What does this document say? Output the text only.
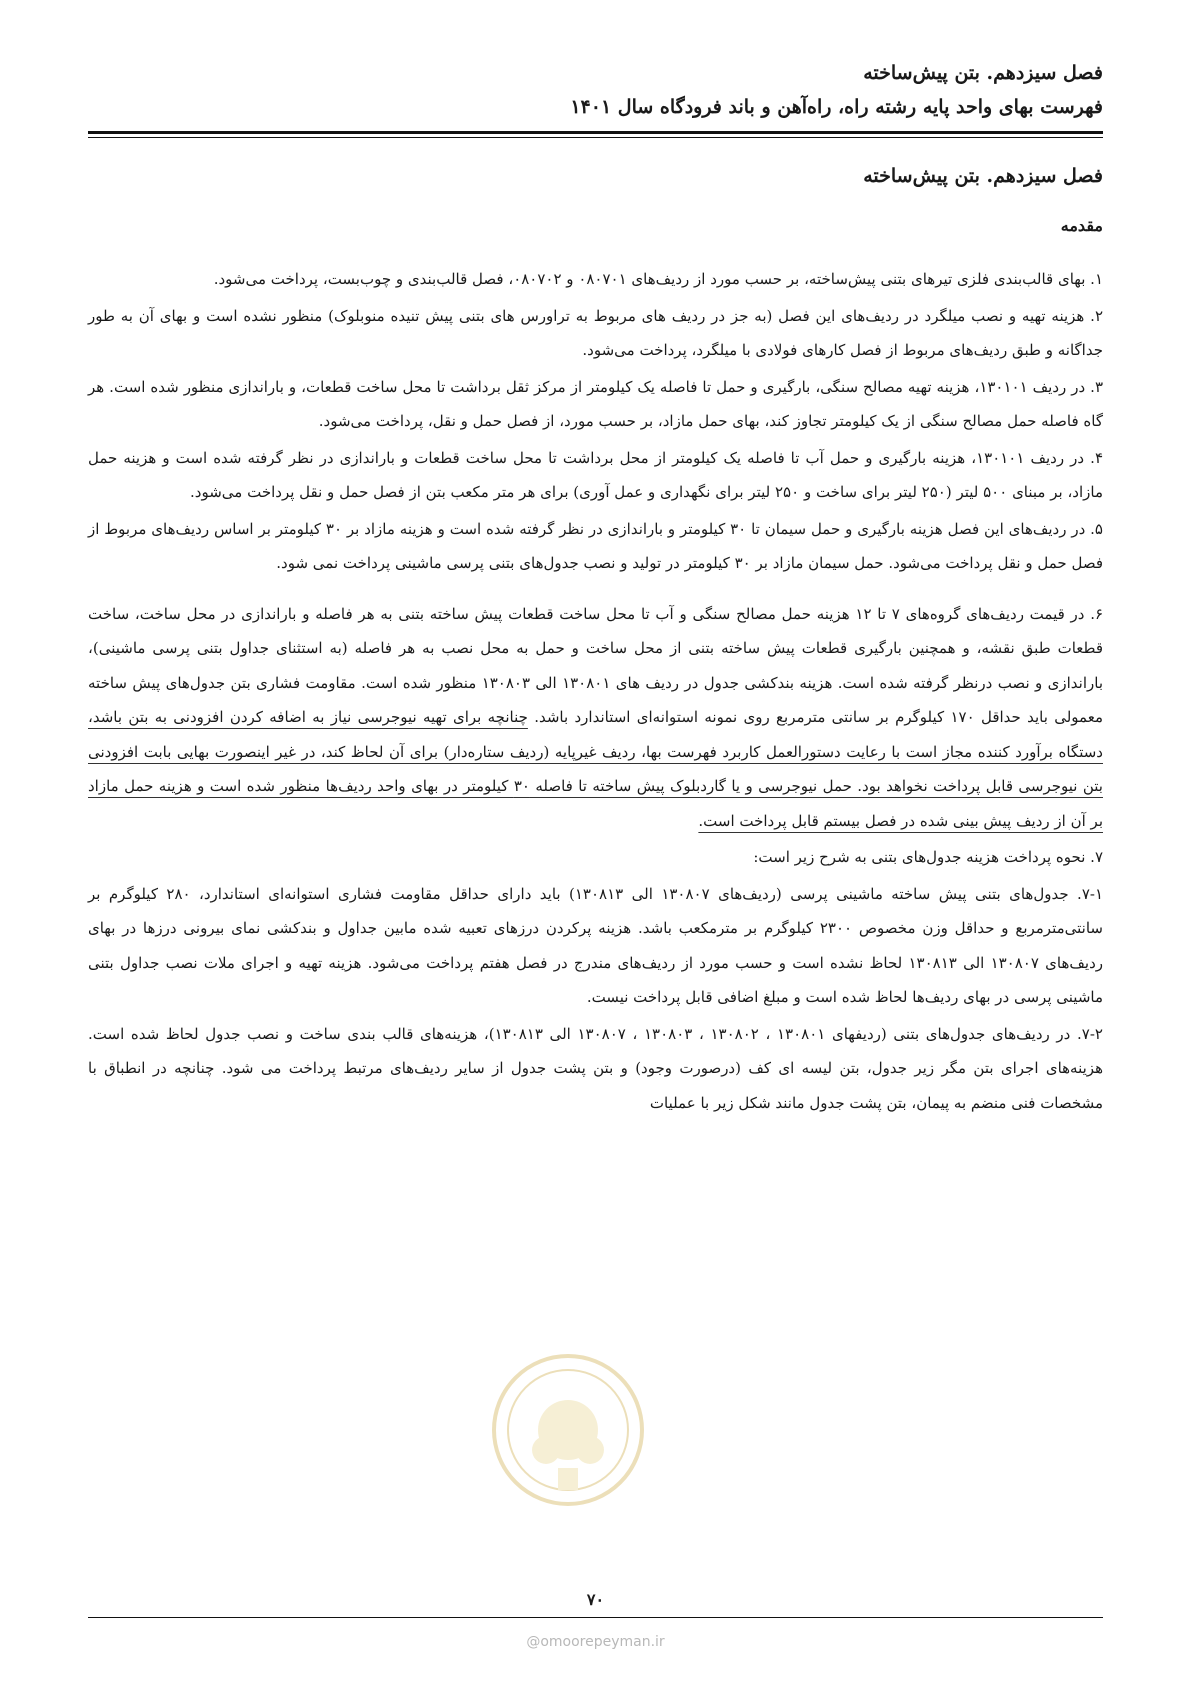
فصل سیزدهم. بتن پیش‌ساخته

فهرست بهای واحد پایه رشته راه، راه‌آهن و باند فرودگاه سال ۱۴۰۱

فصل سیزدهم. بتن پیش‌ساخته
مقدمه

۱. بهای قالب‌بندی فلزی تیرهای بتنی پیش‌ساخته، بر حسب مورد از ردیف‌های ۰۸۰۷۰۱ و ۰۸۰۷۰۲، فصل قالب‌بندی و چوب‌بست، پرداخت می‌شود.

۲. هزینه تهیه و نصب میلگرد در ردیف‌های این فصل (به جز در ردیف های مربوط به تراورس های بتنی پیش تنیده منوبلوک) منظور نشده است و بهای آن به طور جداگانه و طبق ردیف‌های مربوط از فصل کارهای فولادی با میلگرد، پرداخت می‌شود.

۳. در ردیف ۱۳۰۱۰۱، هزینه تهیه مصالح سنگی، بارگیری و حمل تا فاصله یک کیلومتر از مرکز ثقل برداشت تا محل ساخت قطعات، و باراندازی منظور شده است. هر گاه فاصله حمل مصالح سنگی از یک کیلومتر تجاوز کند، بهای حمل مازاد، بر حسب مورد، از فصل حمل و نقل، پرداخت می‌شود.

۴. در ردیف ۱۳۰۱۰۱، هزینه بارگیری و حمل آب تا فاصله یک کیلومتر از محل برداشت تا محل ساخت قطعات و باراندازی در نظر گرفته شده است و هزینه حمل مازاد، بر مبنای ۵۰۰ لیتر (۲۵۰ لیتر برای ساخت و ۲۵۰ لیتر برای نگهداری و عمل آوری) برای هر متر مکعب بتن از فصل حمل و نقل پرداخت می‌شود.

۵. در ردیف‌های این فصل هزینه بارگیری و حمل سیمان تا ۳۰ کیلومتر و باراندازی در نظر گرفته شده است و هزینه مازاد بر ۳۰ کیلومتر بر اساس ردیف‌های مربوط از فصل حمل و نقل پرداخت می‌شود. حمل سیمان مازاد بر ۳۰ کیلومتر در تولید و نصب جدول‌های بتنی پرسی ماشینی پرداخت نمی شود.

۶. در قیمت ردیف‌های گروه‌های ۷ تا ۱۲ هزینه حمل مصالح سنگی و آب تا محل ساخت قطعات پیش ساخته بتنی به هر فاصله و باراندازی در محل ساخت، ساخت قطعات طبق نقشه، و همچنین بارگیری قطعات پیش ساخته بتنی از محل ساخت و حمل به محل نصب به هر فاصله (به استثنای جداول بتنی پرسی ماشینی)، باراندازی و نصب درنظر گرفته شده است. هزینه بندکشی جدول در ردیف های ۱۳۰۸۰۱ الی ۱۳۰۸۰۳ منظور شده است. مقاومت فشاری بتن جدول‌های پیش ساخته معمولی باید حداقل ۱۷۰ کیلوگرم بر سانتی مترمربع روی نمونه استوانه‌ای استاندارد باشد. چنانچه برای تهیه نیوجرسی نیاز به اضافه کردن افزودنی به بتن باشد، دستگاه برآورد کننده مجاز است با رعایت دستورالعمل کاربرد فهرست بها، ردیف غیرپایه (ردیف ستاره‌دار) برای آن لحاظ کند، در غیر اینصورت بهایی بابت افزودنی بتن نیوجرسی قابل پرداخت نخواهد بود. حمل نیوجرسی و یا گاردبلوک پیش ساخته تا فاصله ۳۰ کیلومتر در بهای واحد ردیف‌ها منظور شده است و هزینه حمل مازاد بر آن از ردیف پیش بینی شده در فصل بیستم قابل پرداخت است.

۷. نحوه پرداخت هزینه جدول‌های بتنی به شرح زیر است:

۷-۱. جدول‌های بتنی پیش ساخته ماشینی پرسی (ردیف‌های ۱۳۰۸۰۷ الی ۱۳۰۸۱۳) باید دارای حداقل مقاومت فشاری استوانه‌ای استاندارد، ۲۸۰ کیلوگرم بر سانتی‌مترمربع و حداقل وزن مخصوص ۲۳۰۰ کیلوگرم بر مترمکعب باشد. هزینه پرکردن درزهای تعبیه شده مابین جداول و بندکشی نمای بیرونی درزها در بهای ردیف‌های ۱۳۰۸۰۷ الی ۱۳۰۸۱۳ لحاظ نشده است و حسب مورد از ردیف‌های مندرج در فصل هفتم پرداخت می‌شود. هزینه تهیه و اجرای ملات نصب جداول بتنی ماشینی پرسی در بهای ردیف‌ها لحاظ شده است و مبلغ اضافی قابل پرداخت نیست.

۷-۲. در ردیف‌های جدول‌های بتنی (ردیفهای ۱۳۰۸۰۱ ، ۱۳۰۸۰۲ ، ۱۳۰۸۰۳ ، ۱۳۰۸۰۷ الی ۱۳۰۸۱۳)، هزینه‌های قالب بندی ساخت و نصب جدول لحاظ شده است. هزینه‌های اجرای بتن مگر زیر جدول، بتن لیسه ای کف (درصورت وجود) و بتن پشت جدول از سایر ردیف‌های مرتبط پرداخت می شود. چنانچه در انطباق با مشخصات فنی منضم به پیمان، بتن پشت جدول مانند شکل زیر با عملیات

۷۰
@omoorepeyman.ir
